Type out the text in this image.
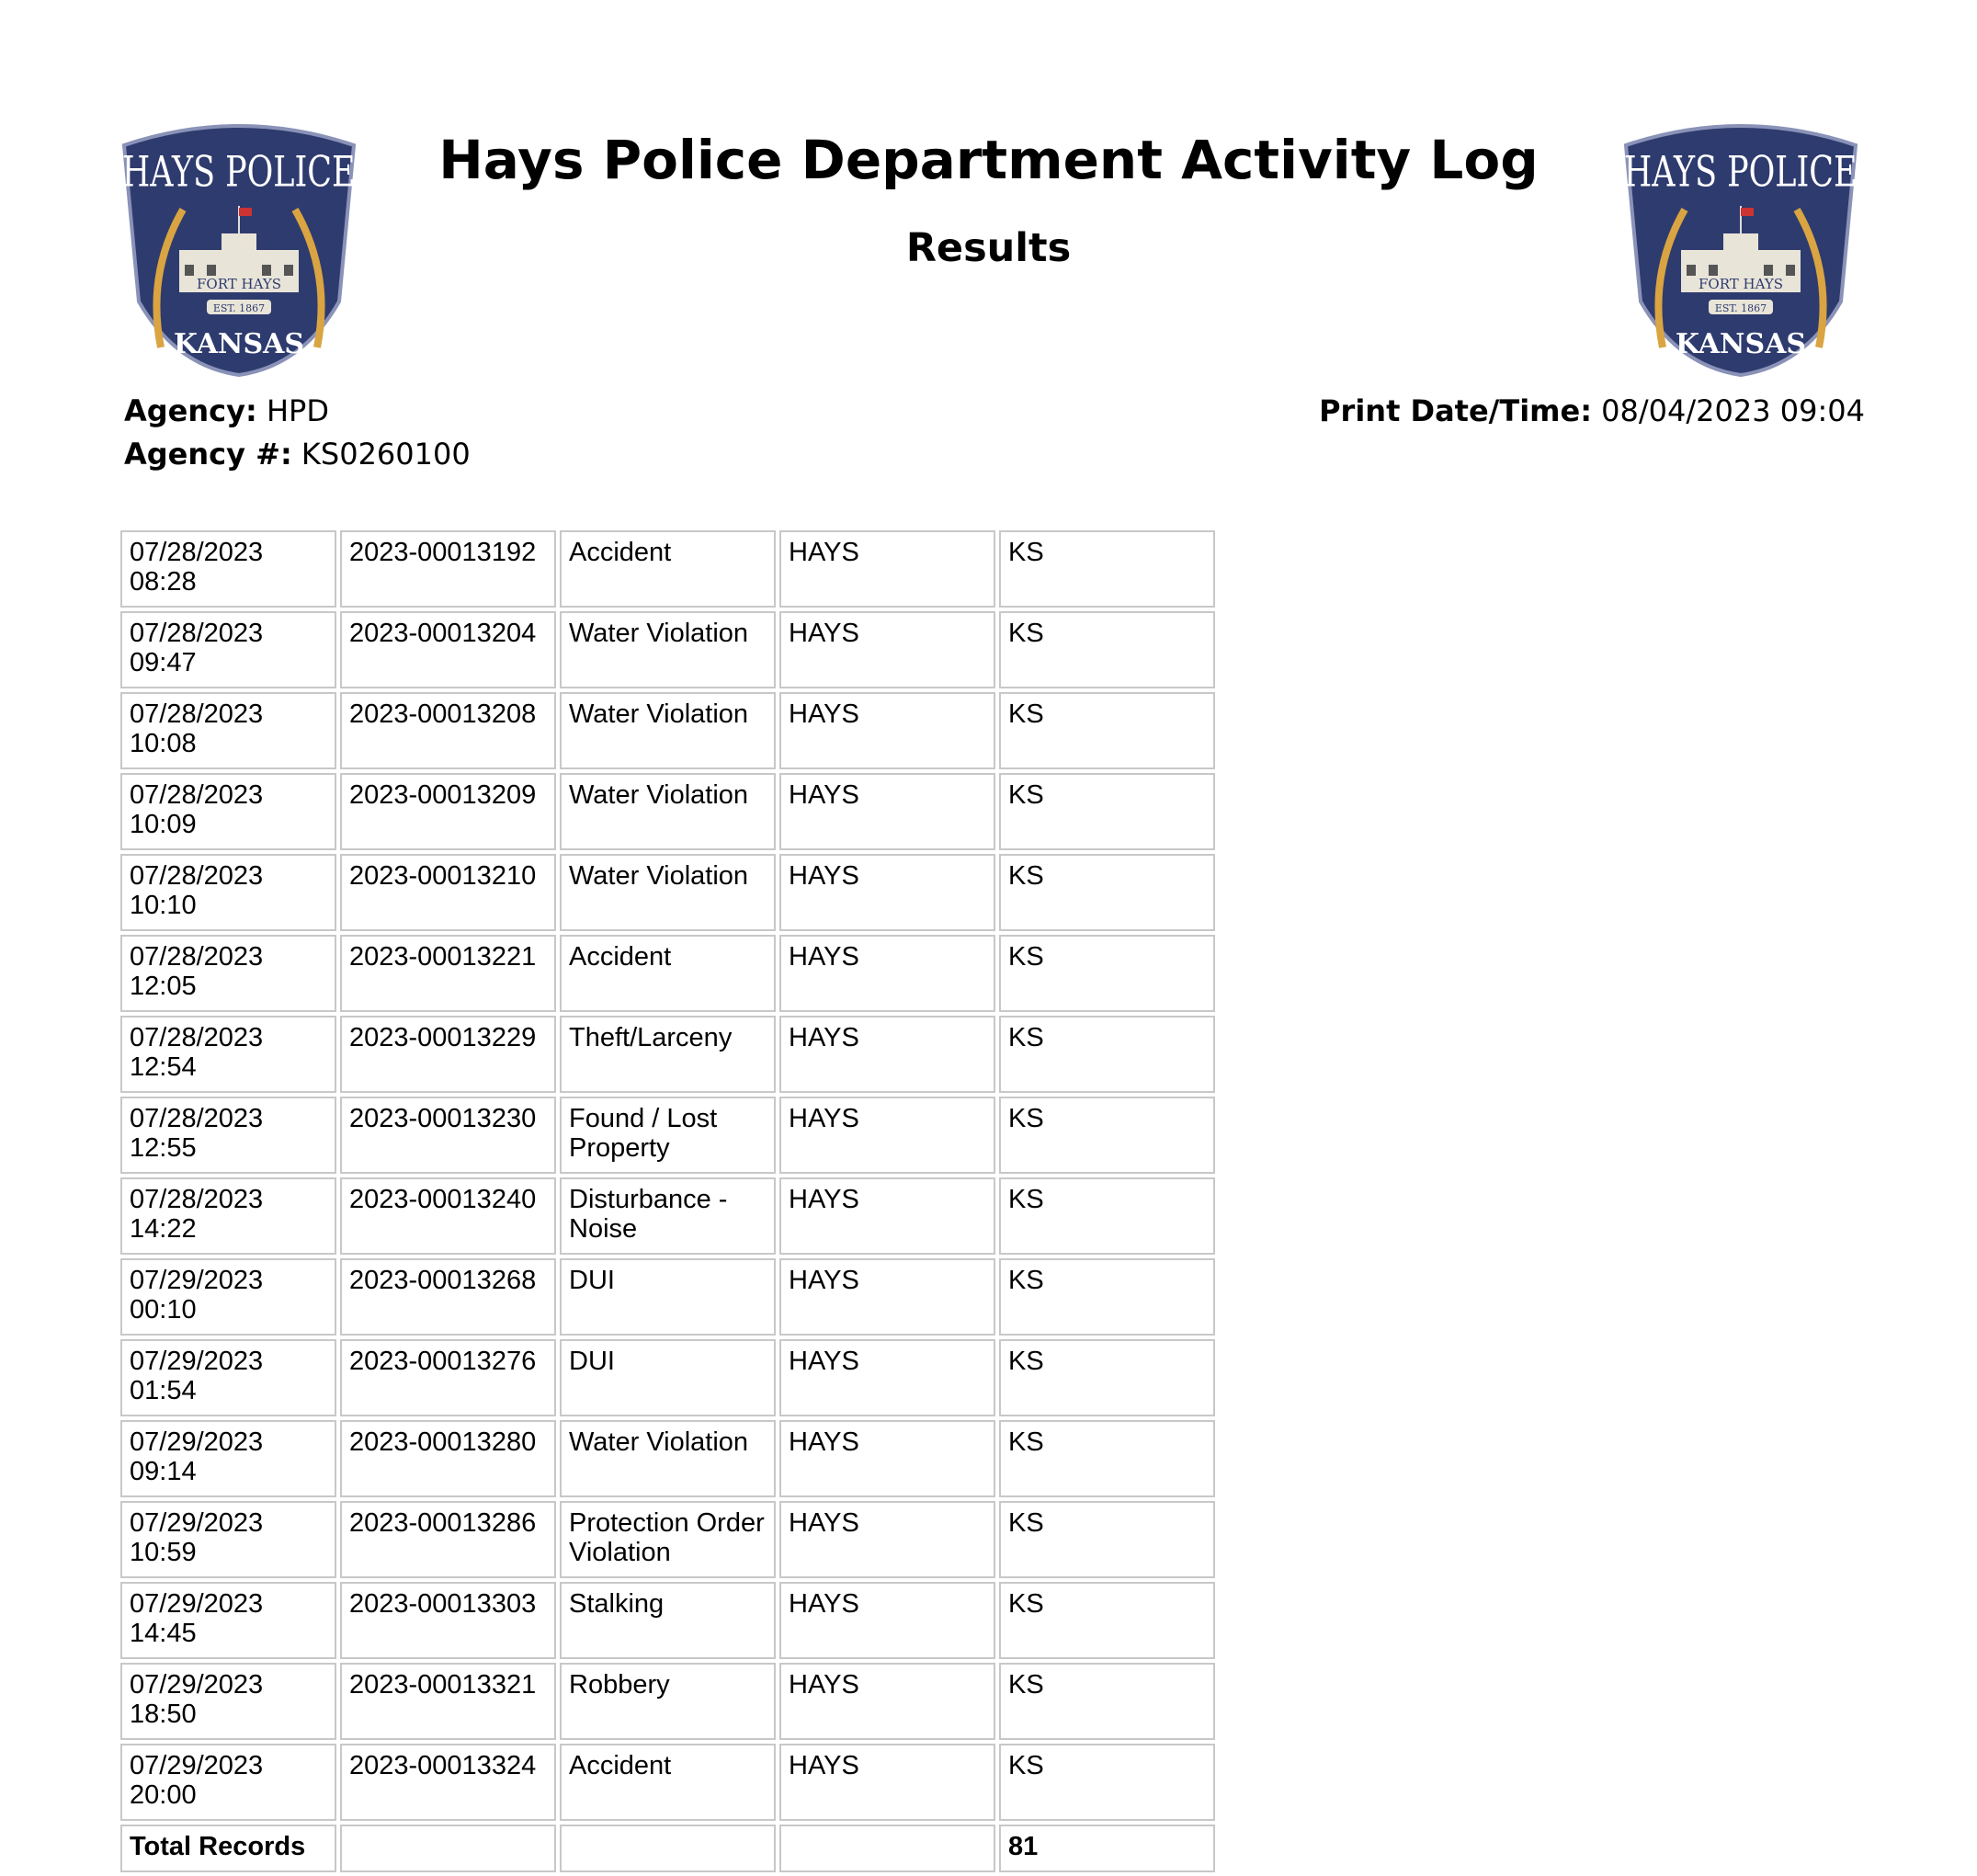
HAYS POLICE
FORT HAYS
EST. 1867
KANSAS
HAYS POLICE
FORT HAYS
EST. 1867
KANSAS
Hays Police Department Activity Log
Results
Agency: HPD
Agency #: KS0260100
Print Date/Time: 08/04/2023 09:04
07/28/2023 08:28	2023-00013192	Accident	HAYS	KS
07/28/2023 09:47	2023-00013204	Water Violation	HAYS	KS
07/28/2023 10:08	2023-00013208	Water Violation	HAYS	KS
07/28/2023 10:09	2023-00013209	Water Violation	HAYS	KS
07/28/2023 10:10	2023-00013210	Water Violation	HAYS	KS
07/28/2023 12:05	2023-00013221	Accident	HAYS	KS
07/28/2023 12:54	2023-00013229	Theft/Larceny	HAYS	KS
07/28/2023 12:55	2023-00013230	Found / Lost Property	HAYS	KS
07/28/2023 14:22	2023-00013240	Disturbance - Noise	HAYS	KS
07/29/2023 00:10	2023-00013268	DUI	HAYS	KS
07/29/2023 01:54	2023-00013276	DUI	HAYS	KS
07/29/2023 09:14	2023-00013280	Water Violation	HAYS	KS
07/29/2023 10:59	2023-00013286	Protection Order Violation	HAYS	KS
07/29/2023 14:45	2023-00013303	Stalking	HAYS	KS
07/29/2023 18:50	2023-00013321	Robbery	HAYS	KS
07/29/2023 20:00	2023-00013324	Accident	HAYS	KS
Total Records				81
